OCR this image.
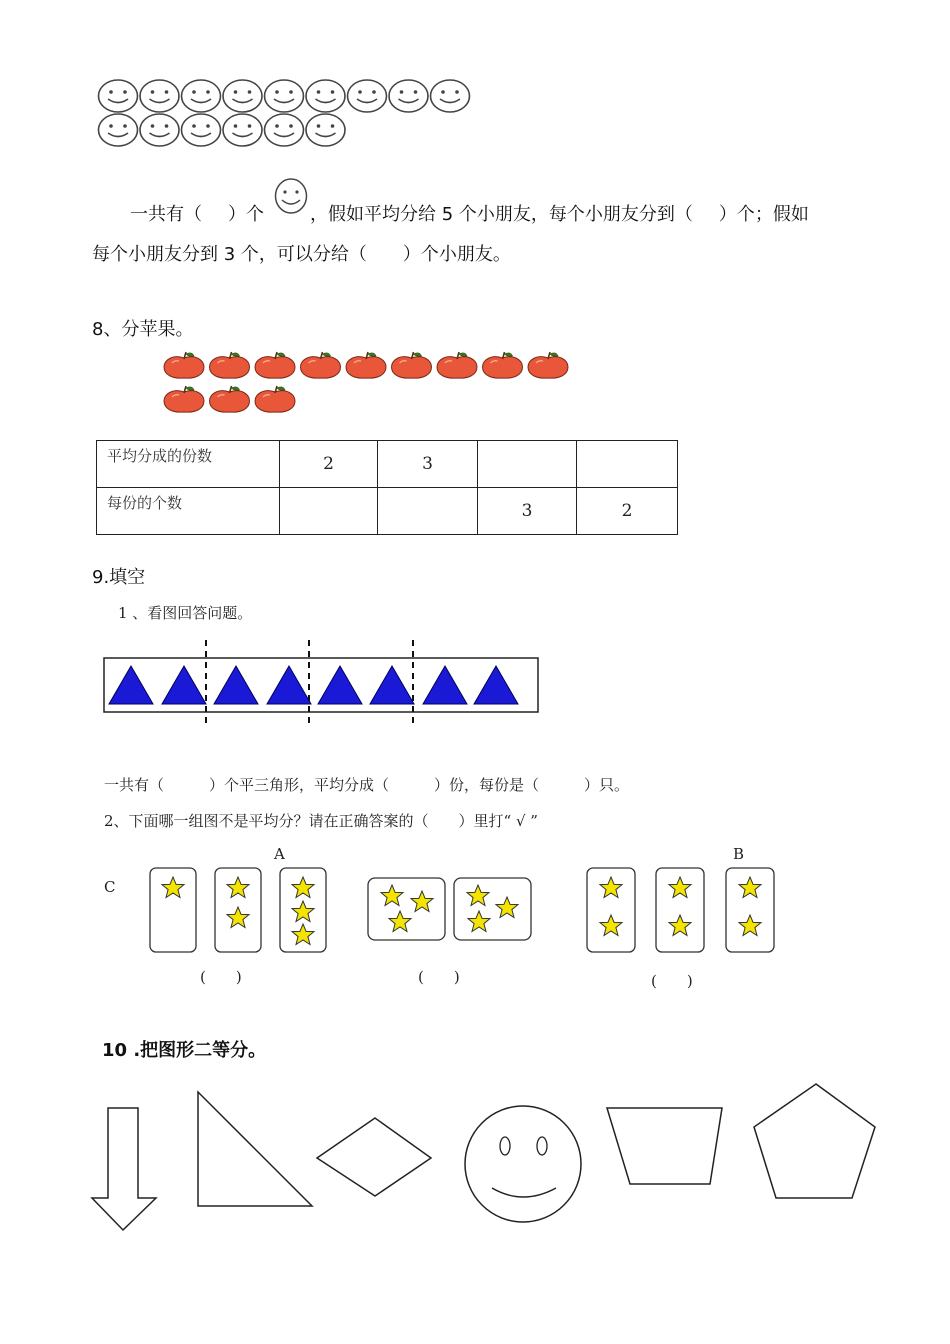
一共有（ ）个	，假如平均分给 5 个小朋友，每个小朋友分到（ ）个；假如
每个小朋友分到 3 个，可以分给（　　）个小朋友。
8、分苹果。
平均分成的份数	2	3		
每份的个数			3	2
9.填空
1 、看图回答问题。
一共有（　　　）个平三角形，平均分成（　　　）份，每份是（　　　）只。
2、下面哪一组图不是平均分？请在正确答案的（　　）里打“ √ ”
A	B
C
(　　)	(　　)	(　　)
10 .把图形二等分。
